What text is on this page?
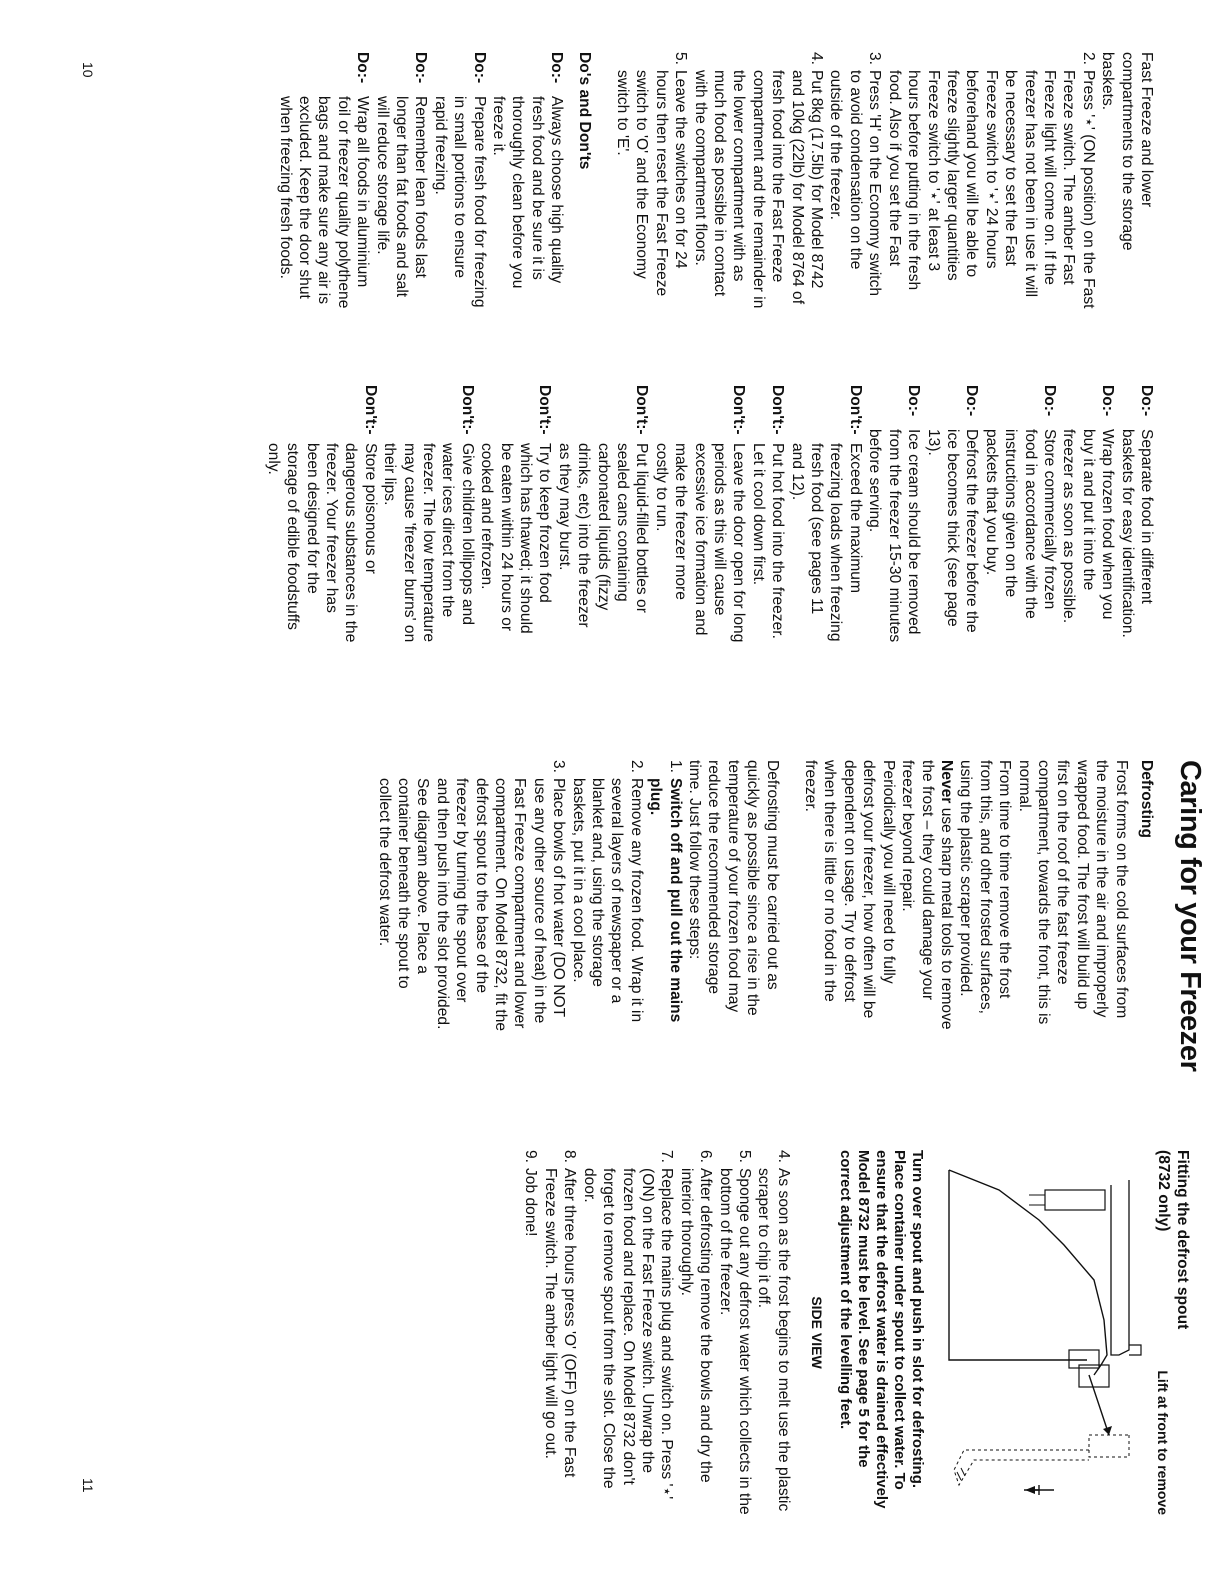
Fast Freeze and lower compartments to the storage baskets.

2.
Press '⋆' (ON position) on the Fast Freeze switch. The amber Fast Freeze light will come on. If the freezer has not been in use it will be necessary to set the Fast Freeze switch to '⋆' 24 hours beforehand you will be able to freeze slightly larger quantities Freeze switch to '⋆' at least 3 hours before putting in the fresh food. Also if you set the Fast
3.
Press 'H' on the Economy switch to avoid condensation on the outside of the freezer.
4.
Put 8kg (17.5lb) for Model 8742 and 10kg (22lb) for Model 8764 of fresh food into the Fast Freeze compartment and the remainder in the lower compartment with as much food as possible in contact with the compartment floors.
5.
Leave the switches on for 24 hours then reset the Fast Freeze switch to 'O' and the Economy switch to 'E'.

Do's and Don'ts

Do:-
Always choose high quality fresh food and be sure it is thoroughly clean before you freeze it.
Do:-
Prepare fresh food for freezing in small portions to ensure rapid freezing.
Do:-
Remember lean foods last longer than fat foods and salt will reduce storage life.
Do:-
Wrap all foods in aluminium foil or freezer quality polythene bags and make sure any air is excluded. Keep the door shut when freezing fresh foods.
Do:-
Separate food in different baskets for easy identification.
Do:-
Wrap frozen food when you buy it and put it into the freezer as soon as possible.
Do:-
Store commercially frozen food in accordance with the instructions given on the packets that you buy.
Do:-
Defrost the freezer before the ice becomes thick (see page 13).
Do:-
Ice cream should be removed from the freezer 15-30 minutes before serving.
Don't:-
Exceed the maximum freezing loads when freezing fresh food (see pages 11 and 12).
Don't:-
Put hot food into the freezer. Let it cool down first.
Don't:-
Leave the door open for long periods as this will cause excessive ice formation and make the freezer more costly to run.
Don't:-
Put liquid-filled bottles or sealed cans containing carbonated liquids (fizzy drinks, etc) into the freezer as they may burst.
Don't:-
Try to keep frozen food which has thawed; it should be eaten within 24 hours or cooked and refrozen.
Don't:-
Give children lollipops and water ices direct from the freezer. The low temperature may cause 'freezer burns' on their lips.
Don't:-
Store poisonous or dangerous substances in the freezer. Your freezer has been designed for the storage of edible foodstuffs only.
Caring for your Freezer

Defrosting

Frost forms on the cold surfaces from the moisture in the air and improperly wrapped food. The frost will build up first on the roof of the fast freeze compartment, towards the front, this is normal.

From time to time remove the frost from this, and other frosted surfaces, using the plastic scraper provided.

Never use sharp metal tools to remove the frost – they could damage your freezer beyond repair.

Periodically you will need to fully defrost your freezer, how often will be dependent on usage. Try to defrost when there is little or no food in the freezer.

Defrosting must be carried out as quickly as possible since a rise in the temperature of your frozen food may reduce the recommended storage time. Just follow these steps:

1.
Switch off and pull out the mains plug.
2.
Remove any frozen food. Wrap it in several layers of newspaper or a blanket and, using the storage baskets, put it in a cool place.
3.
Place bowls of hot water (DO NOT use any other source of heat) in the Fast Freeze compartment and lower compartment. On Model 8732, fit the defrost spout to the base of the freezer by turning the spout over and then push into the slot provided. See diagram above. Place a container beneath the spout to collect the defrost water.

Fitting the defrost spout (8732 only)

Lift at front to remove

Turn over spout and push in slot for defrosting. Place container under spout to collect water. To ensure that the defrost water is drained effectively Model 8732 must be level. See page 5 for the correct adjustment of the levelling feet.

SIDE VIEW

4.
As soon as the frost begins to melt use the plastic scraper to chip it off.
5.
Sponge out any defrost water which collects in the bottom of the freezer.
6.
After defrosting remove the bowls and dry the interior thoroughly.
7.
Replace the mains plug and switch on. Press '⋆' (ON) on the Fast Freeze switch. Unwrap the frozen food and replace. On Model 8732 don't forget to remove spout from the slot. Close the door.
8.
After three hours press 'O' (OFF) on the Fast Freeze switch. The amber light will go out.
9.
Job done!
10
11
